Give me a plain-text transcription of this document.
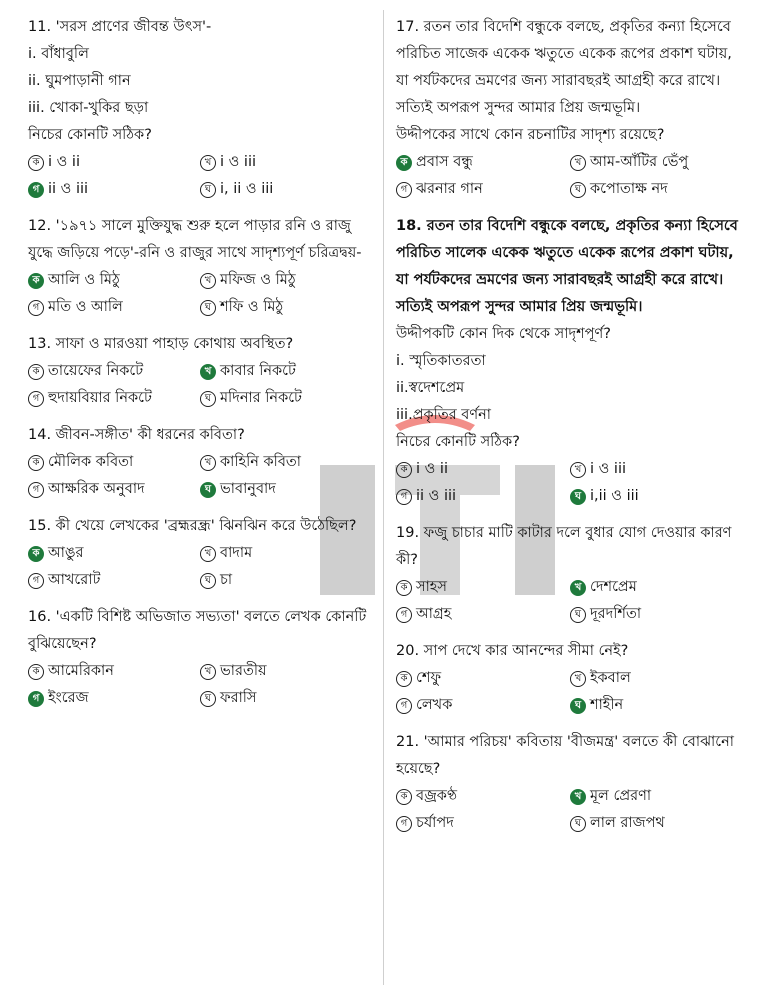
11. 'সরস প্রাণের জীবন্ত উৎস'-
i. বাঁধাবুলি
ii. ঘুমপাড়ানী গান
iii. খোকা-খুকির ছড়া
নিচের কোনটি সঠিক?
ক i ও ii	খ i ও iii
গ ii ও iii	ঘ i, ii ও iii
12. '১৯৭১ সালে মুক্তিযুদ্ধ শুরু হলে পাড়ার রনি ও রাজু যুদ্ধে জড়িয়ে পড়ে'-রনি ও রাজুর সাথে সাদৃশ্যপূর্ণ চরিত্রদ্বয়-
ক আলি ও মিঠু	খ মফিজ ও মিঠু
গ মতি ও আলি	ঘ শফি ও মিঠু
13. সাফা ও মারওয়া পাহাড় কোথায় অবস্থিত?
ক তায়েফের নিকটে	খ কাবার নিকটে
গ হুদায়বিয়ার নিকটে	ঘ মদিনার নিকটে
14. জীবন-সঙ্গীত' কী ধরনের কবিতা?
ক মৌলিক কবিতা	খ কাহিনি কবিতা
গ আক্ষরিক অনুবাদ	ঘ ভাবানুবাদ
15. কী খেয়ে লেখকের 'ব্রহ্মরন্ধ্র' ঝিনঝিন করে উঠেছিল?
ক আঙুর	খ বাদাম
গ আখরোট	ঘ চা
16. 'একটি বিশিষ্ট অভিজাত সভ্যতা' বলতে লেখক কোনটি বুঝিয়েছেন?
ক আমেরিকান	খ ভারতীয়
গ ইংরেজ	ঘ ফরাসি
17. রতন তার বিদেশি বন্ধুকে বলছে, প্রকৃতির কন্যা হিসেবে পরিচিত সাজেক একেক ঋতুতে একেক রূপের প্রকাশ ঘটায়, যা পর্যটকদের ভ্রমণের জন্য সারাবছরই আগ্রহী করে রাখে। সত্যিই অপরূপ সুন্দর আমার প্রিয় জন্মভূমি।
উদ্দীপকের সাথে কোন রচনাটির সাদৃশ্য রয়েছে?
ক প্রবাস বন্ধু	খ আম-আঁটির ভেঁপু
গ ঝরনার গান	ঘ কপোতাক্ষ নদ
18. রতন তার বিদেশি বন্ধুকে বলছে, প্রকৃতির কন্যা হিসেবে পরিচিত সালেক একেক ঋতুতে একেক রূপের প্রকাশ ঘটায়, যা পর্যটকদের ভ্রমণের জন্য সারাবছরই আগ্রহী করে রাখে। সত্যিই অপরূপ সুন্দর আমার প্রিয় জন্মভূমি।
উদ্দীপকটি কোন দিক থেকে সাদৃশপূর্ণ?
i. স্মৃতিকাতরতা
ii.স্বদেশপ্রেম
iii.প্রকৃতির বর্ণনা
নিচের কোনটি সঠিক?
ক i ও ii	খ i ও iii
গ ii ও iii	ঘ i,ii ও iii
19. ফজু চাচার মাটি কাটার দলে বুধার যোগ দেওয়ার কারণ কী?
ক সাহস	খ দেশপ্রেম
গ আগ্রহ	ঘ দূরদর্শিতা
20. সাপ দেখে কার আনন্দের সীমা নেই?
ক শেফু	খ ইকবাল
গ লেখক	ঘ শাহীন
21. 'আমার পরিচয়' কবিতায় 'বীজমন্ত্র' বলতে কী বোঝানো হয়েছে?
ক বজ্রকণ্ঠ	খ মূল প্রেরণা
গ চর্যাপদ	ঘ লাল রাজপথ
